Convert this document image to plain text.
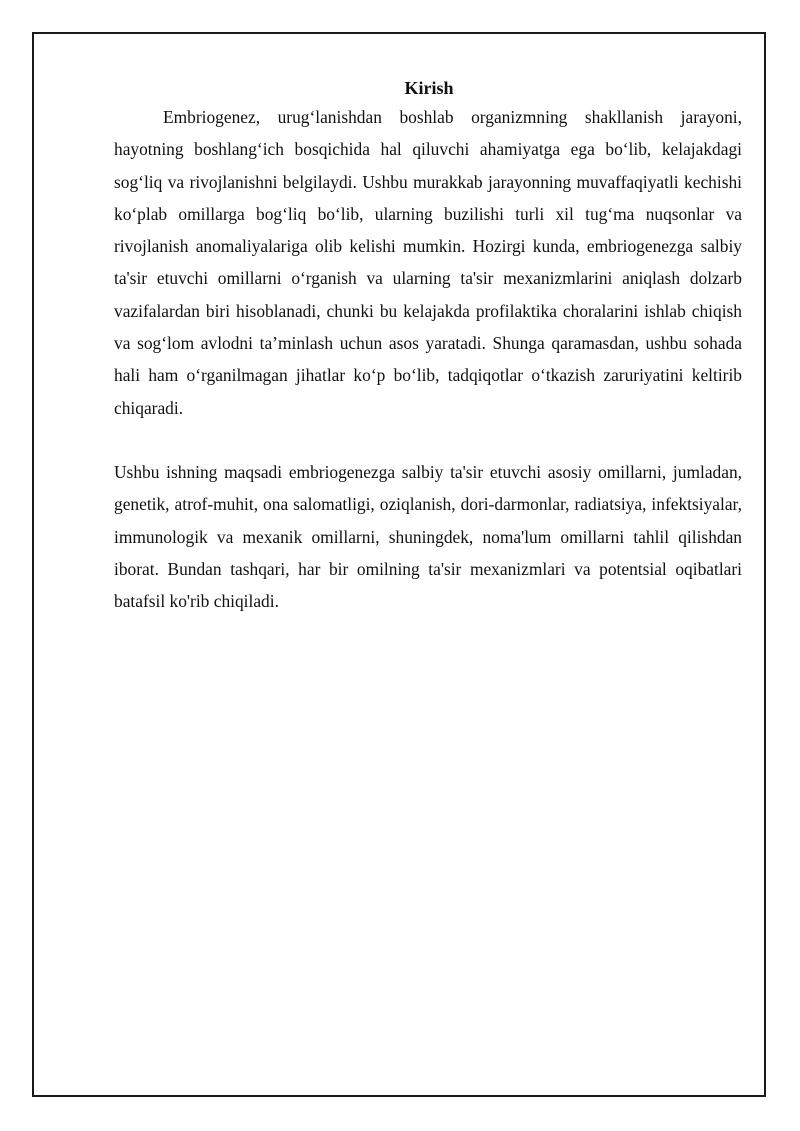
Kirish

Embriogenez, urug‘lanishdan boshlab organizmning shakllanish jarayoni, hayotning boshlang‘ich bosqichida hal qiluvchi ahamiyatga ega bo‘lib, kelajakdagi sog‘liq va rivojlanishni belgilaydi. Ushbu murakkab jarayonning muvaffaqiyatli kechishi ko‘plab omillarga bog‘liq bo‘lib, ularning buzilishi turli xil tug‘ma nuqsonlar va rivojlanish anomaliyalariga olib kelishi mumkin. Hozirgi kunda, embriogenezga salbiy ta'sir etuvchi omillarni o‘rganish va ularning ta'sir mexanizmlarini aniqlash dolzarb vazifalardan biri hisoblanadi, chunki bu kelajakda profilaktika choralarini ishlab chiqish va sog‘lom avlodni ta’minlash uchun asos yaratadi. Shunga qaramasdan, ushbu sohada hali ham o‘rganilmagan jihatlar ko‘p bo‘lib, tadqiqotlar o‘tkazish zaruriyatini keltirib chiqaradi.

Ushbu ishning maqsadi embriogenezga salbiy ta'sir etuvchi asosiy omillarni, jumladan, genetik, atrof-muhit, ona salomatligi, oziqlanish, dori-darmonlar, radiatsiya, infektsiyalar, immunologik va mexanik omillarni, shuningdek, noma'lum omillarni tahlil qilishdan iborat. Bundan tashqari, har bir omilning ta'sir mexanizmlari va potentsial oqibatlari batafsil ko'rib chiqiladi.
